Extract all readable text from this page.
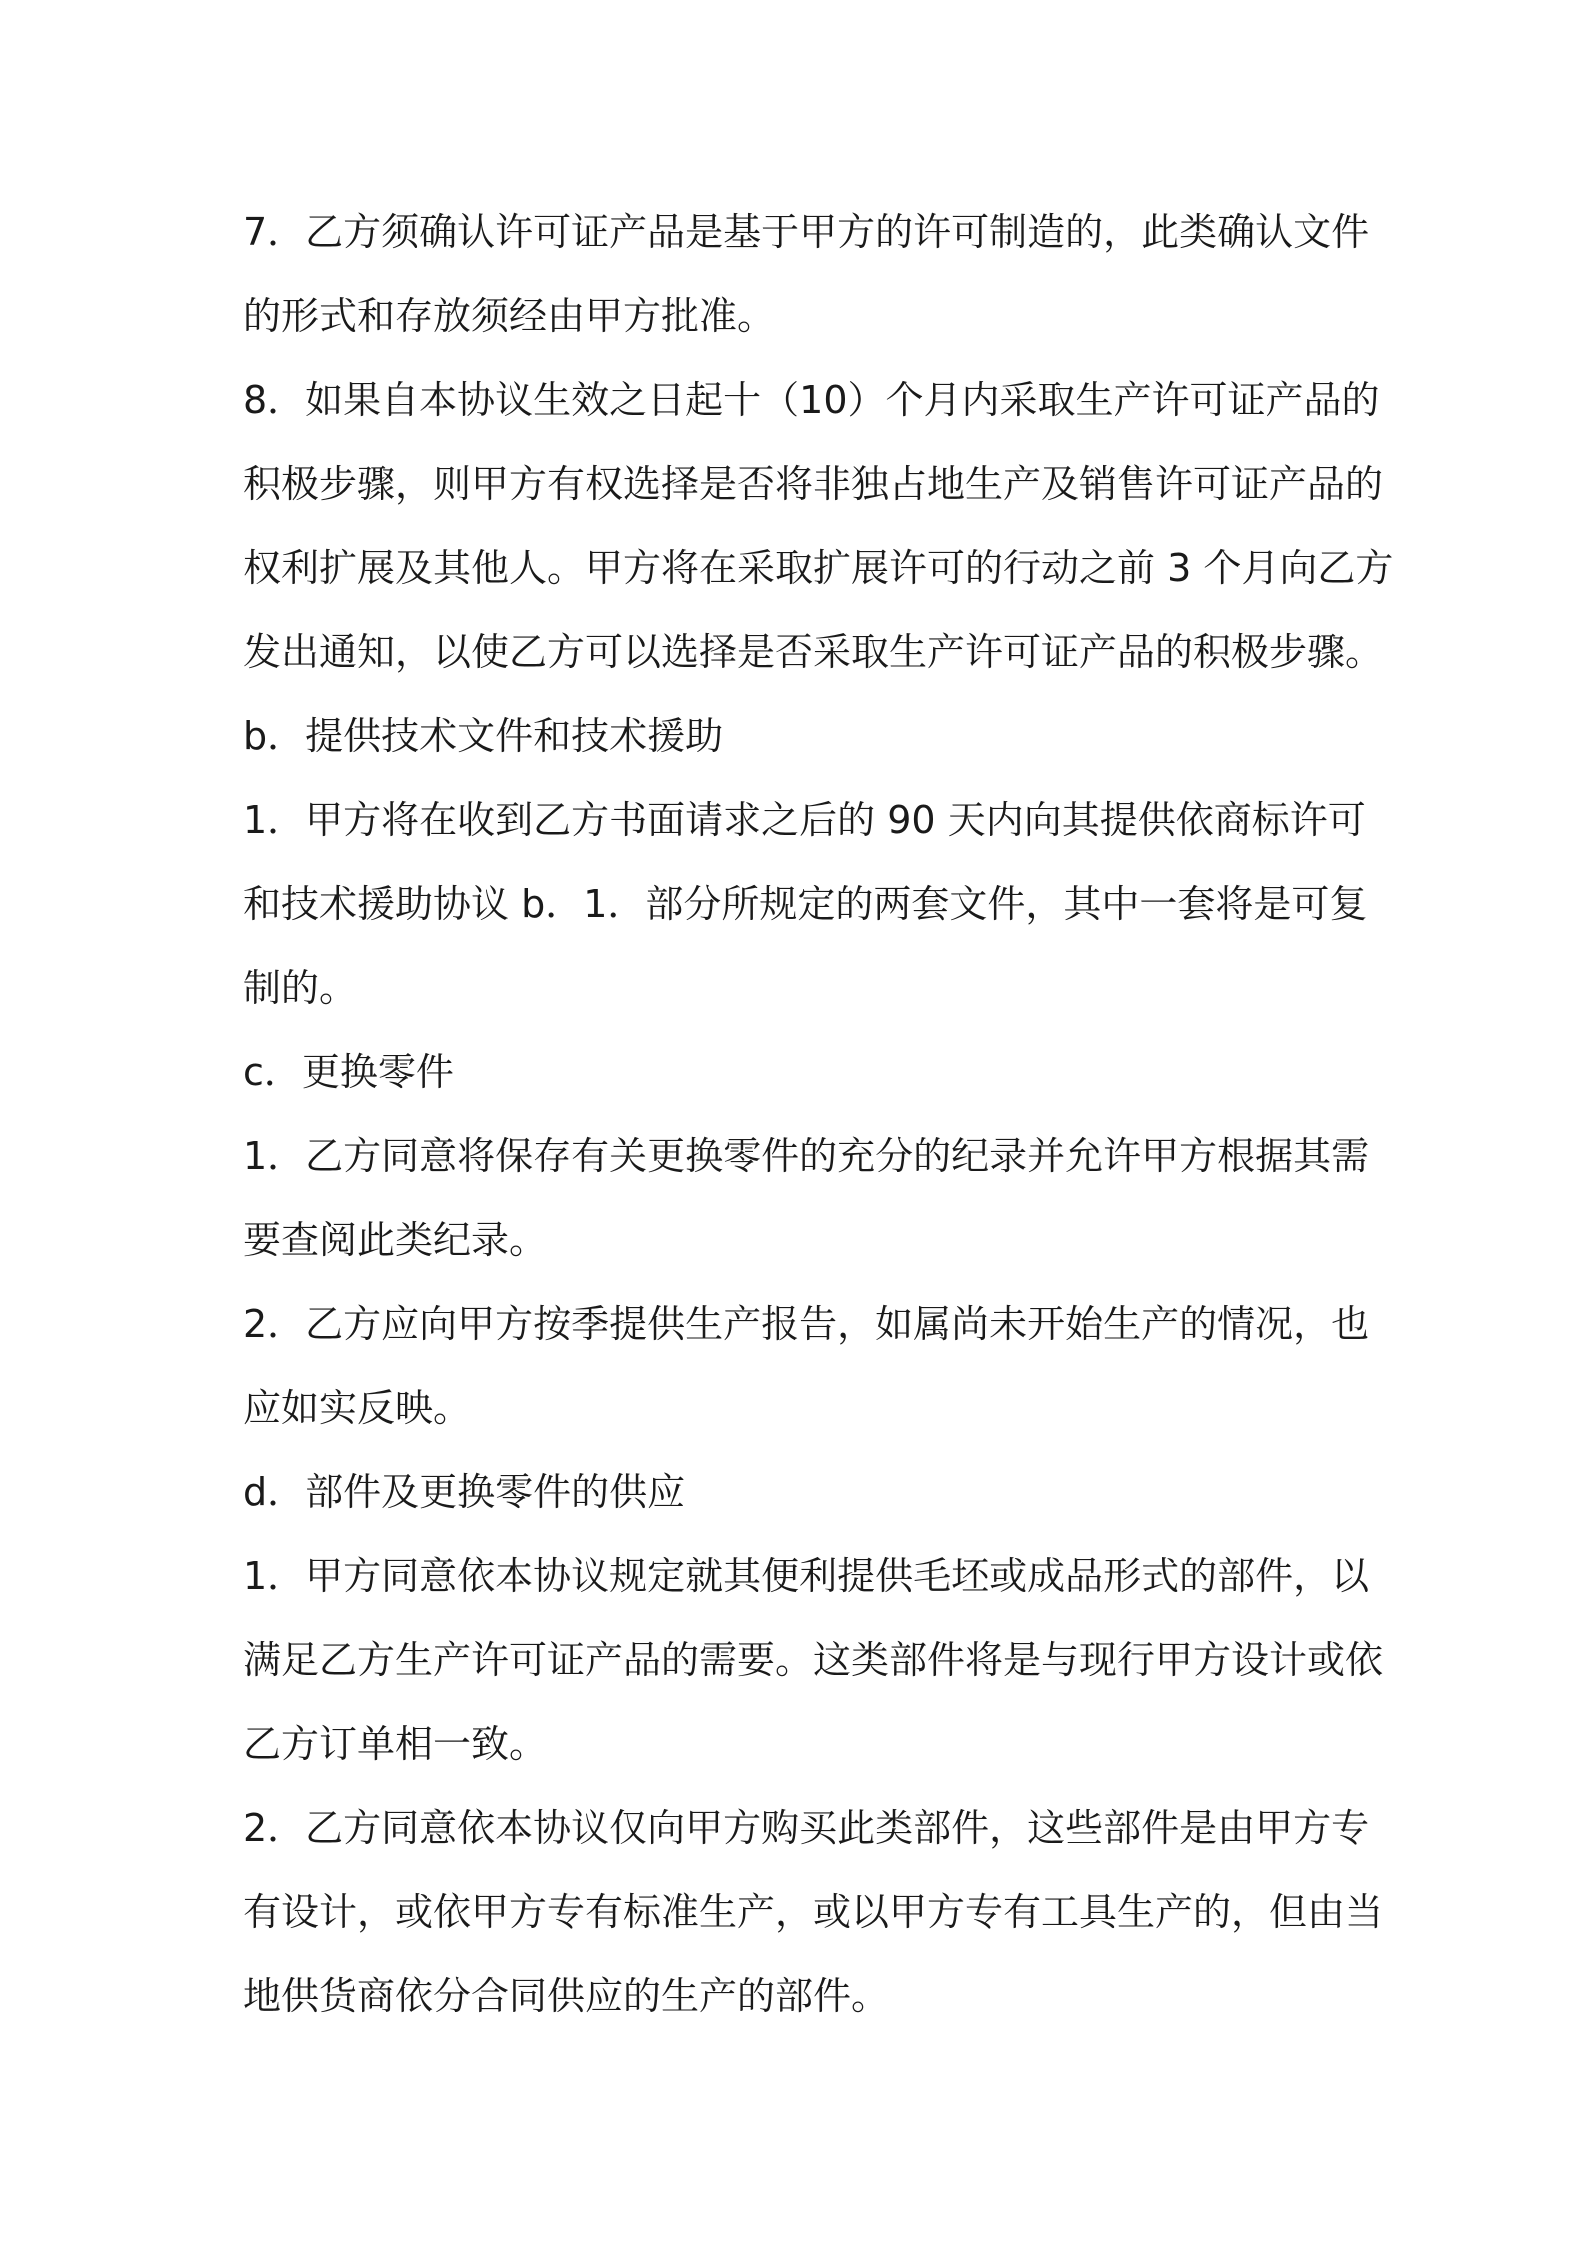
7．乙方须确认许可证产品是基于甲方的许可制造的，此类确认文件
的形式和存放须经由甲方批准。

8．如果自本协议生效之日起十（10）个月内采取生产许可证产品的
积极步骤，则甲方有权选择是否将非独占地生产及销售许可证产品的
权利扩展及其他人。甲方将在采取扩展许可的行动之前 3 个月向乙方
发出通知，以使乙方可以选择是否采取生产许可证产品的积极步骤。

b．提供技术文件和技术援助

1．甲方将在收到乙方书面请求之后的 90 天内向其提供依商标许可
和技术援助协议 b．1．部分所规定的两套文件，其中一套将是可复
制的。

c．更换零件

1．乙方同意将保存有关更换零件的充分的纪录并允许甲方根据其需
要查阅此类纪录。

2．乙方应向甲方按季提供生产报告，如属尚未开始生产的情况，也
应如实反映。

d．部件及更换零件的供应

1．甲方同意依本协议规定就其便利提供毛坯或成品形式的部件，以
满足乙方生产许可证产品的需要。这类部件将是与现行甲方设计或依
乙方订单相一致。

2．乙方同意依本协议仅向甲方购买此类部件，这些部件是由甲方专
有设计，或依甲方专有标准生产，或以甲方专有工具生产的，但由当
地供货商依分合同供应的生产的部件。
